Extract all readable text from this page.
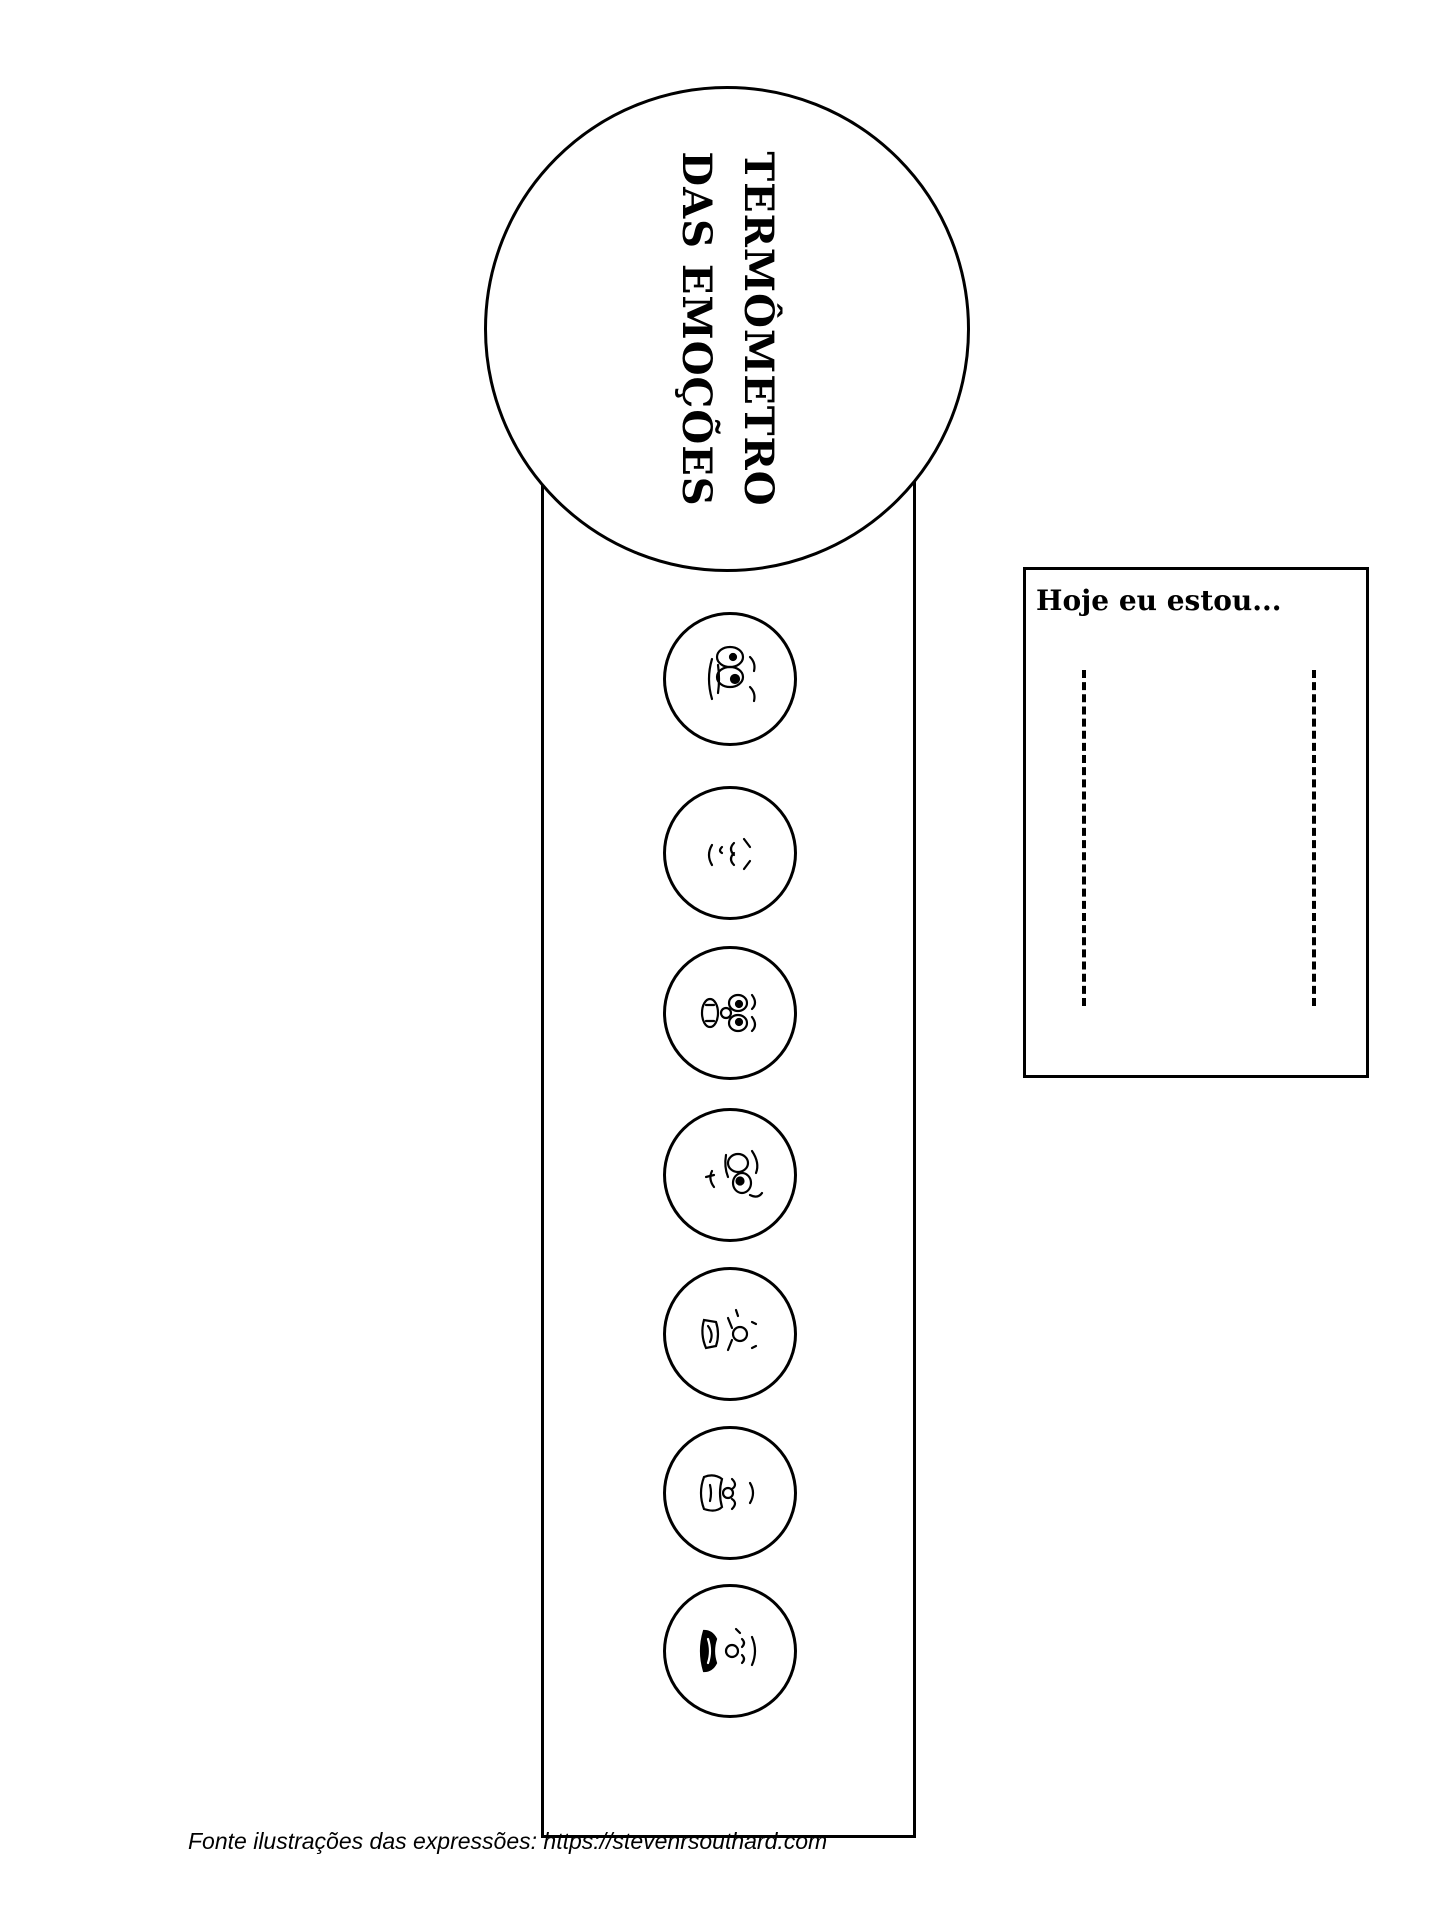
TERMÔMETRO
DAS EMOÇÕES
Hoje eu estou...
Fonte ilustrações das expressões: https://stevenrsouthard.com
